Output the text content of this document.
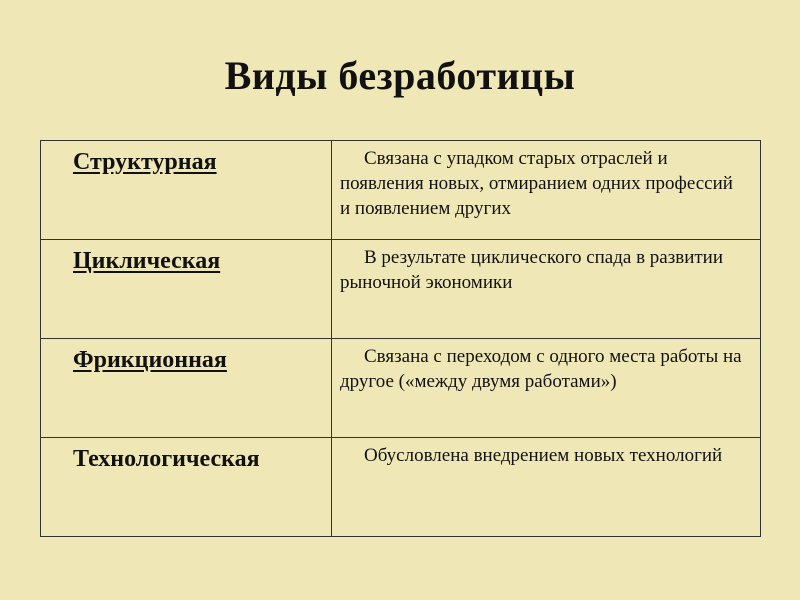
Виды безработицы
Структурная	Связана с упадком старых отраслей и появления новых, отмиранием одних профессий и появлением других

Циклическая	В результате циклического спада в развитии рыночной экономики

Фрикционная	Связана с переходом с одного места работы на другое («между двумя работами»)

Технологическая	Обусловлена внедрением новых технологий
